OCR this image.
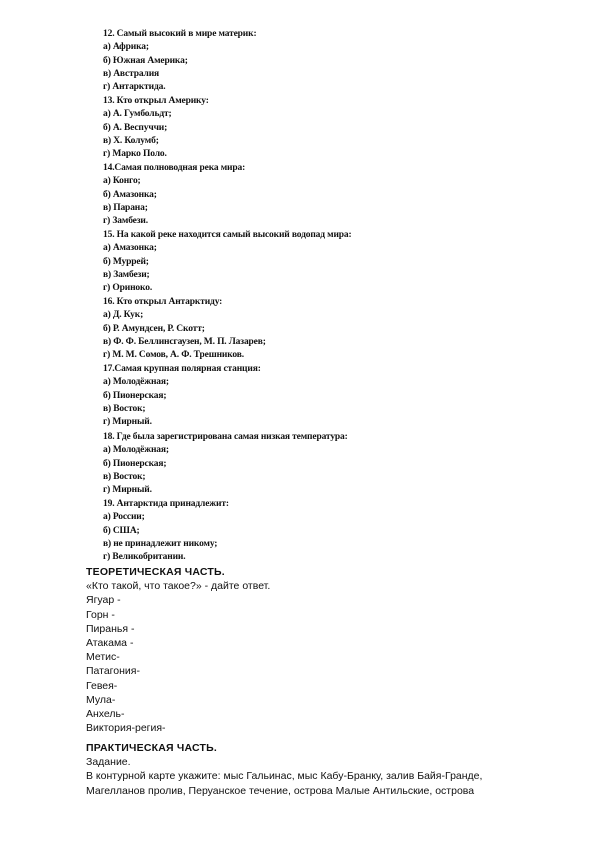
12. Самый высокий в мире материк:
а) Африка;
б) Южная Америка;
в) Австралия
г) Антарктида.
13. Кто открыл Америку:
а) А. Гумбольдт;
б) А. Веспуччи;
в) Х. Колумб;
г) Марко Поло.
14.Самая полноводная река мира:
а) Конго;
б) Амазонка;
в) Парана;
г) Замбези.
15. На какой реке находится самый высокий водопад мира:
а) Амазонка;
б) Муррей;
в) Замбези;
г) Ориноко.
16. Кто открыл Антарктиду:
а) Д. Кук;
б) Р. Амундсен, Р. Скотт;
в) Ф. Ф. Беллинсгаузен, М. П. Лазарев;
г) М. М. Сомов, А. Ф. Трешников.
17.Самая крупная полярная станция:
а) Молодёжная;
б) Пионерская;
в) Восток;
г) Мирный.
18. Где была зарегистрирована самая низкая температура:
а) Молодёжная;
б) Пионерская;
в) Восток;
г) Мирный.
19. Антарктида принадлежит:
а) России;
б) США;
в) не принадлежит никому;
г) Великобритании.
ТЕОРЕТИЧЕСКАЯ ЧАСТЬ.
«Кто такой, что такое?» - дайте ответ.
Ягуар -
Горн -
Пиранья -
Атакама -
Метис-
Патагония-
Гевея-
Мула-
Анхель-
Виктория-регия-
ПРАКТИЧЕСКАЯ ЧАСТЬ.
Задание.
В контурной карте укажите: мыс Гальинас, мыс Кабу-Бранку, залив Байя-Гранде, Магелланов пролив, Перуанское течение, острова Малые Антильские, острова
